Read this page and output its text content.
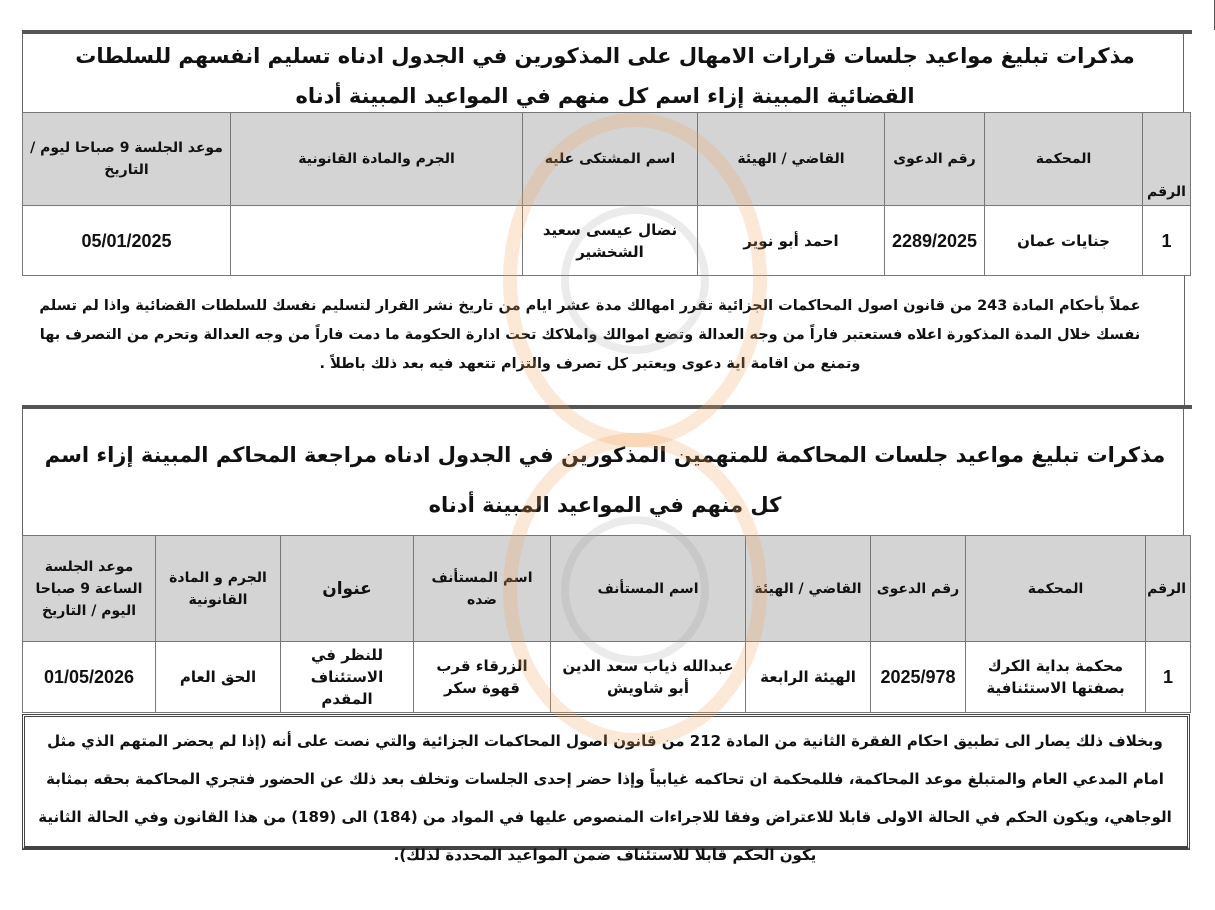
مذكرات تبليغ مواعيد جلسات قرارات الامهال على المذكورين في الجدول ادناه تسليم انفسهم للسلطات القضائية المبينة إزاء اسم كل منهم في المواعيد المبينة أدناه
الرقم	المحكمة	رقم الدعوى	القاضي / الهيئة	اسم المشتكى عليه	الجرم والمادة القانونية	موعد الجلسة 9 صباحا ليوم / التاريخ
1	جنايات عمان	2289/2025	احمد أبو نوير	نضال عيسى سعيد الشخشير		05/01/2025
عملاً بأحكام المادة 243 من قانون اصول المحاكمات الجزائية تقرر امهالك مدة عشر ايام من تاريخ نشر القرار لتسليم نفسك للسلطات القضائية واذا لم تسلم نفسك خلال المدة المذكورة اعلاه فستعتبر فاراً من وجه العدالة وتضع اموالك واملاكك تحت ادارة الحكومة ما دمت فاراً من وجه العدالة وتحرم من التصرف بها وتمنع من اقامة اية دعوى ويعتبر كل تصرف والتزام تتعهد فيه بعد ذلك باطلاً .
مذكرات تبليغ مواعيد جلسات المحاكمة للمتهمين المذكورين في الجدول ادناه مراجعة المحاكم المبينة إزاء اسم كل منهم في المواعيد المبينة أدناه
الرقم	المحكمة	رقم الدعوى	القاضي / الهيئة	اسم المستأنف	اسم المستأنف ضده	عنوان	الجرم و المادة القانونية	موعد الجلسة الساعة 9 صباحا اليوم / التاريخ
1	محكمة بداية الكرك بصفتها الاستئنافية	2025/978	الهيئة الرابعة	عبدالله ذياب سعد الدين أبو شاويش	الزرقاء قرب قهوة سكر	للنظر في الاستئناف المقدم	الحق العام	01/05/2026
وبخلاف ذلك يصار الى تطبيق احكام الفقرة الثانية من المادة 212 من قانون اصول المحاكمات الجزائية والتي نصت على أنه (إذا لم يحضر المتهم الذي مثل امام المدعي العام والمتبلغ موعد المحاكمة، فللمحكمة ان تحاكمه غيابياً وإذا حضر إحدى الجلسات وتخلف بعد ذلك عن الحضور فتجري المحاكمة بحقه بمثابة الوجاهي، ويكون الحكم في الحالة الاولى قابلا للاعتراض وفقا للاجراءات المنصوص عليها في المواد من (184) الى (189) من هذا القانون وفي الحالة الثانية يكون الحكم قابلا للاستئناف ضمن المواعيد المحددة لذلك).
